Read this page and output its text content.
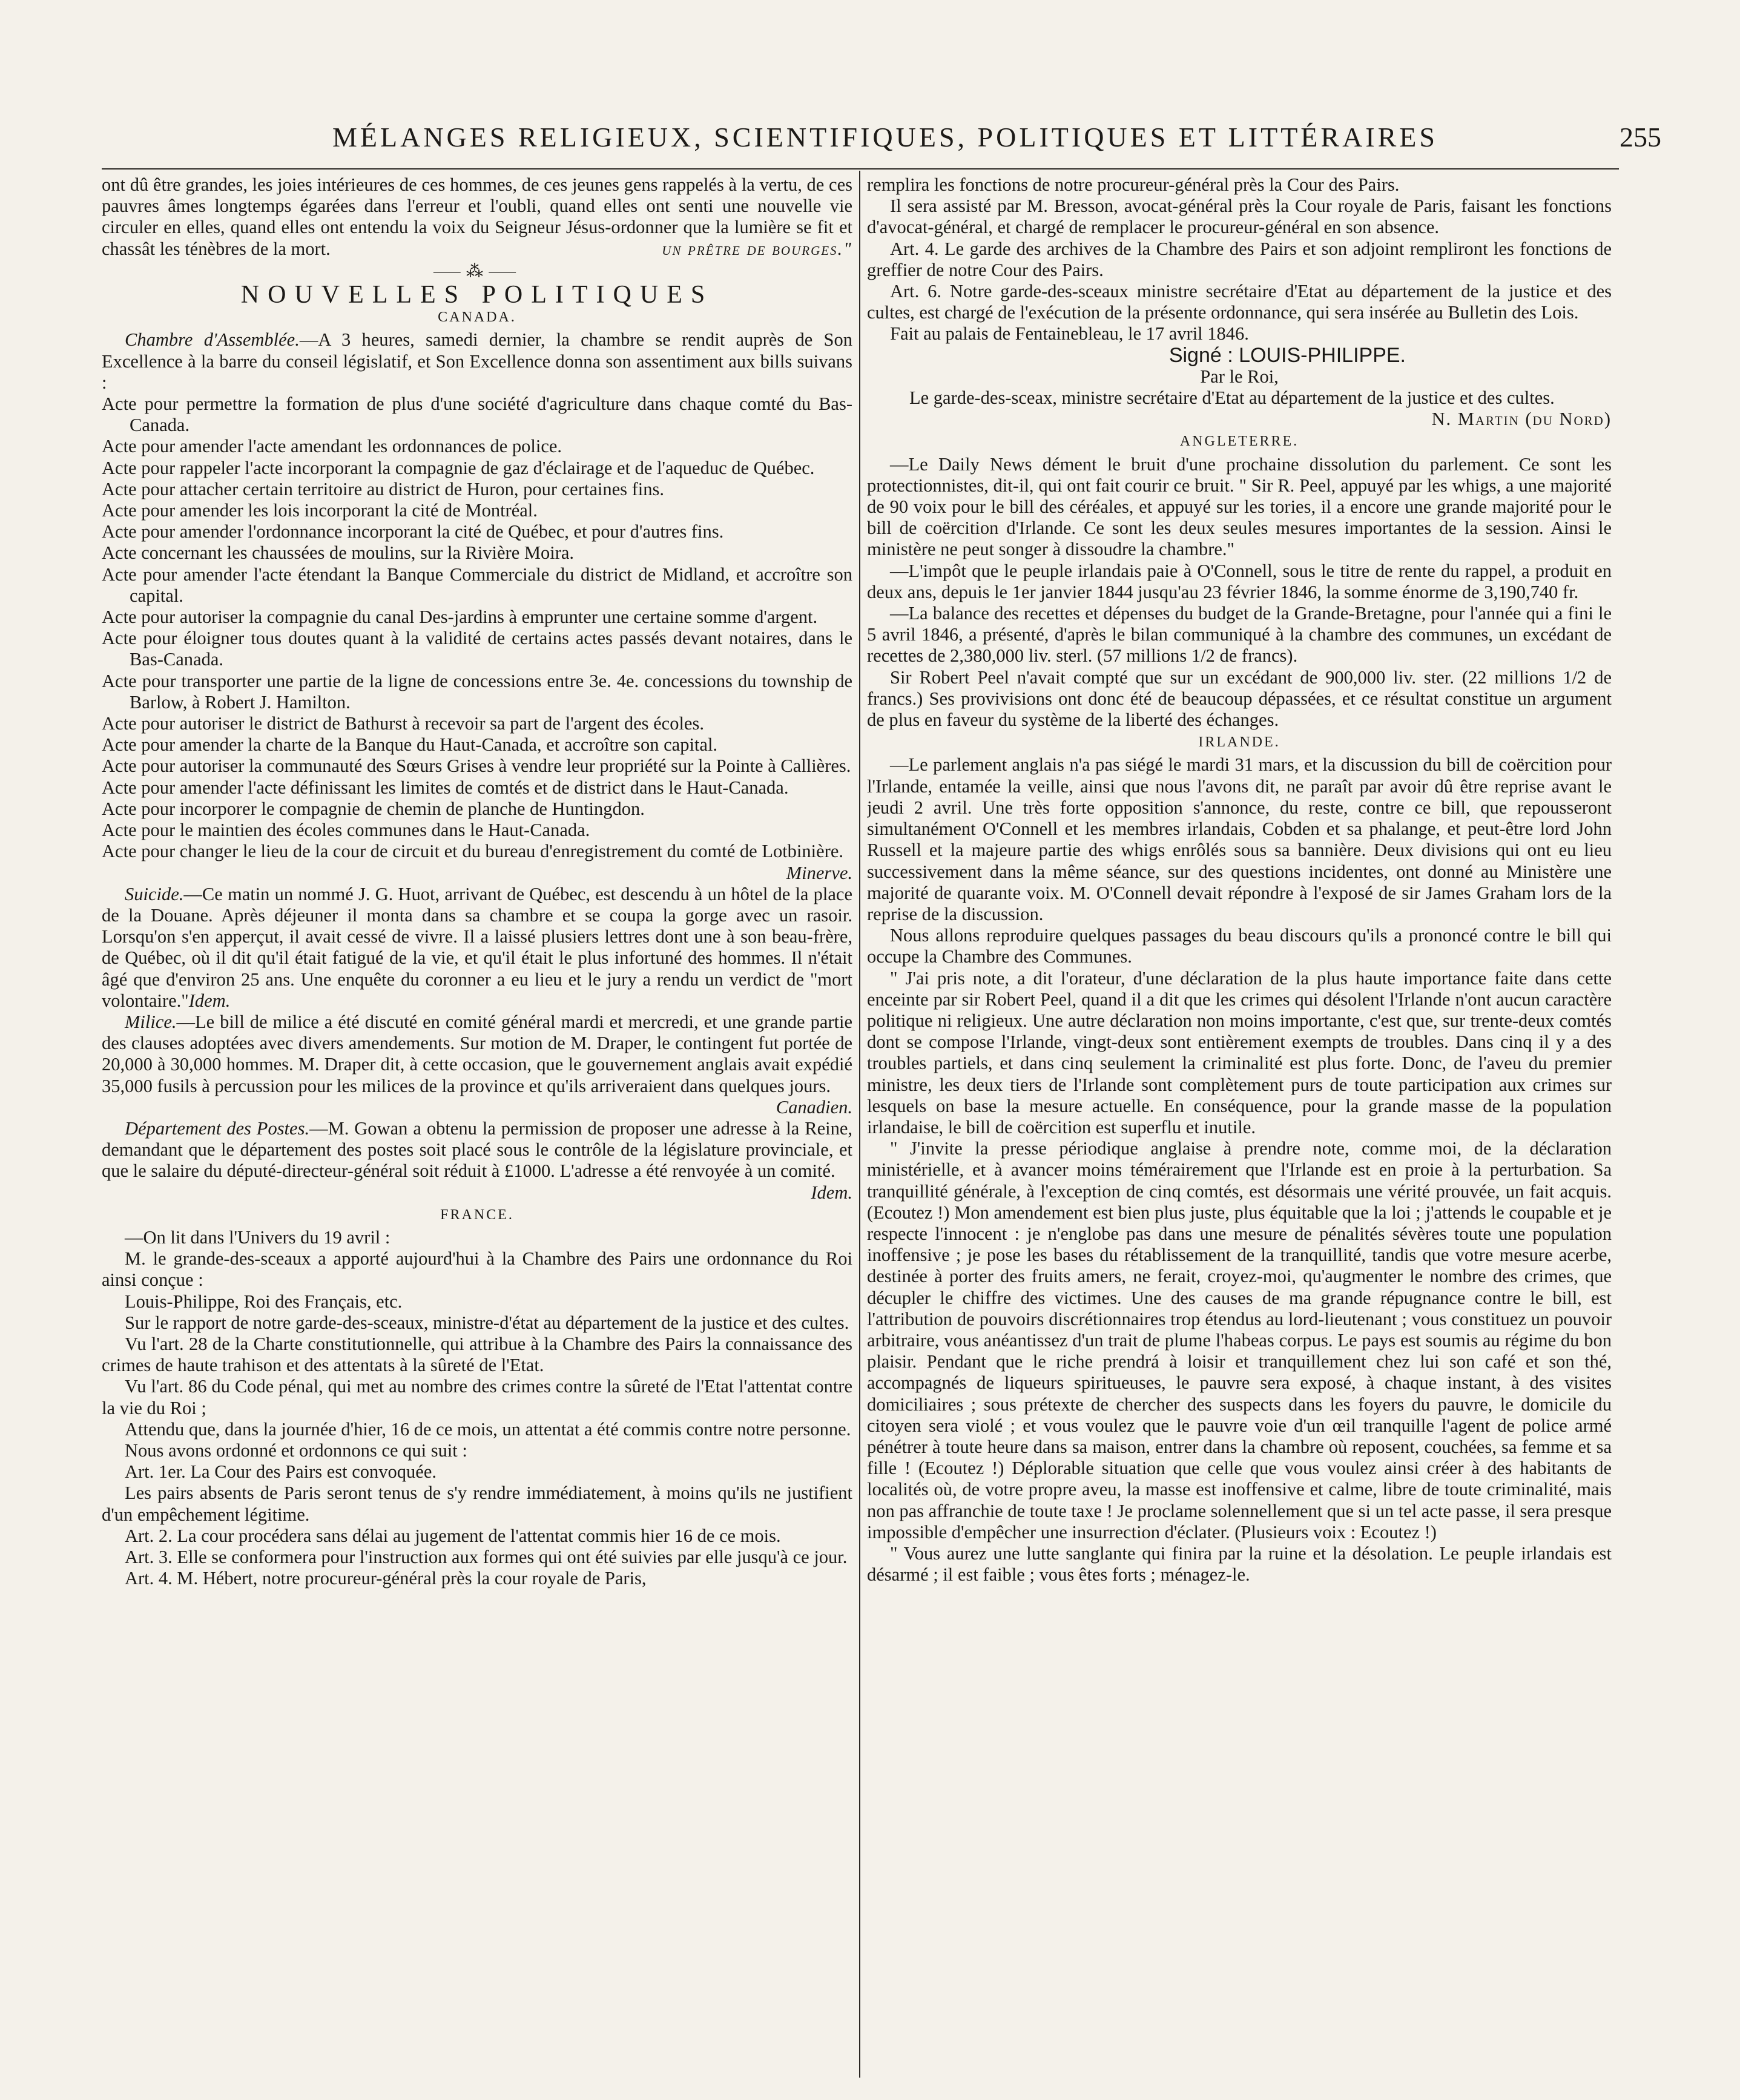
MÉLANGES RELIGIEUX, SCIENTIFIQUES, POLITIQUES ET LITTÉRAIRES	255

ont dû être grandes, les joies intérieures de ces hommes, de ces jeunes gens rappelés à la vertu, de ces pauvres âmes longtemps égarées dans l'erreur et l'oubli, quand elles ont senti une nouvelle vie circuler en elles, quand elles ont entendu la voix du Seigneur Jésus-ordonner que la lumière se fit et chassât les ténèbres de la mort.	un prêtre de bourges."

⸺⁂⸺

NOUVELLES POLITIQUES

CANADA.

Chambre d'Assemblée.—A 3 heures, samedi dernier, la chambre se rendit auprès de Son Excellence à la barre du conseil législatif, et Son Excellence donna son assentiment aux bills suivans :

Acte pour permettre la formation de plus d'une société d'agriculture dans chaque comté du Bas-Canada.

Acte pour amender l'acte amendant les ordonnances de police.

Acte pour rappeler l'acte incorporant la compagnie de gaz d'éclairage et de l'aqueduc de Québec.

Acte pour attacher certain territoire au district de Huron, pour certaines fins.

Acte pour amender les lois incorporant la cité de Montréal.

Acte pour amender l'ordonnance incorporant la cité de Québec, et pour d'autres fins.

Acte concernant les chaussées de moulins, sur la Rivière Moira.

Acte pour amender l'acte étendant la Banque Commerciale du district de Midland, et accroître son capital.

Acte pour autoriser la compagnie du canal Des-jardins à emprunter une certaine somme d'argent.

Acte pour éloigner tous doutes quant à la validité de certains actes passés devant notaires, dans le Bas-Canada.

Acte pour transporter une partie de la ligne de concessions entre 3e. 4e. concessions du township de Barlow, à Robert J. Hamilton.

Acte pour autoriser le district de Bathurst à recevoir sa part de l'argent des écoles.

Acte pour amender la charte de la Banque du Haut-Canada, et accroître son capital.

Acte pour autoriser la communauté des Sœurs Grises à vendre leur propriété sur la Pointe à Callières.

Acte pour amender l'acte définissant les limites de comtés et de district dans le Haut-Canada.

Acte pour incorporer le compagnie de chemin de planche de Huntingdon.

Acte pour le maintien des écoles communes dans le Haut-Canada.

Acte pour changer le lieu de la cour de circuit et du bureau d'enregistrement du comté de Lotbinière.
Minerve.

Suicide.—Ce matin un nommé J. G. Huot, arrivant de Québec, est descendu à un hôtel de la place de la Douane. Après déjeuner il monta dans sa chambre et se coupa la gorge avec un rasoir. Lorsqu'on s'en apperçut, il avait cessé de vivre. Il a laissé plusiers lettres dont une à son beau-frère, de Québec, où il dit qu'il était fatigué de la vie, et qu'il était le plus infortuné des hommes. Il n'était âgé que d'environ 25 ans. Une enquête du coronner a eu lieu et le jury a rendu un verdict de "mort volontaire."Idem.

Milice.—Le bill de milice a été discuté en comité général mardi et mercredi, et une grande partie des clauses adoptées avec divers amendements. Sur motion de M. Draper, le contingent fut portée de 20,000 à 30,000 hommes. M. Draper dit, à cette occasion, que le gouvernement anglais avait expédié 35,000 fusils à percussion pour les milices de la province et qu'ils arriveraient dans quelques jours.
Canadien.

Département des Postes.—M. Gowan a obtenu la permission de proposer une adresse à la Reine, demandant que le département des postes soit placé sous le contrôle de la législature provinciale, et que le salaire du député-directeur-général soit réduit à £1000. L'adresse a été renvoyée à un comité.
Idem.

FRANCE.

—On lit dans l'Univers du 19 avril :

M. le grande-des-sceaux a apporté aujourd'hui à la Chambre des Pairs une ordonnance du Roi ainsi conçue :

Louis-Philippe, Roi des Français, etc.

Sur le rapport de notre garde-des-sceaux, ministre-d'état au département de la justice et des cultes.

Vu l'art. 28 de la Charte constitutionnelle, qui attribue à la Chambre des Pairs la connaissance des crimes de haute trahison et des attentats à la sûreté de l'Etat.

Vu l'art. 86 du Code pénal, qui met au nombre des crimes contre la sûreté de l'Etat l'attentat contre la vie du Roi ;

Attendu que, dans la journée d'hier, 16 de ce mois, un attentat a été commis contre notre personne.

Nous avons ordonné et ordonnons ce qui suit :

Art. 1er. La Cour des Pairs est convoquée.

Les pairs absents de Paris seront tenus de s'y rendre immédiatement, à moins qu'ils ne justifient d'un empêchement légitime.

Art. 2. La cour procédera sans délai au jugement de l'attentat commis hier 16 de ce mois.

Art. 3. Elle se conformera pour l'instruction aux formes qui ont été suivies par elle jusqu'à ce jour.

Art. 4. M. Hébert, notre procureur-général près la cour royale de Paris,

remplira les fonctions de notre procureur-général près la Cour des Pairs.

Il sera assisté par M. Bresson, avocat-général près la Cour royale de Paris, faisant les fonctions d'avocat-général, et chargé de remplacer le procureur-général en son absence.

Art. 4. Le garde des archives de la Chambre des Pairs et son adjoint rempliront les fonctions de greffier de notre Cour des Pairs.

Art. 6. Notre garde-des-sceaux ministre secrétaire d'Etat au département de la justice et des cultes, est chargé de l'exécution de la présente ordonnance, qui sera insérée au Bulletin des Lois.

Fait au palais de Fentainebleau, le 17 avril 1846.

Signé : LOUIS-PHILIPPE.

Par le Roi,

Le garde-des-sceax, ministre secrétaire d'Etat au département de la justice et des cultes.

N. Martin (du Nord)

ANGLETERRE.

—Le Daily News dément le bruit d'une prochaine dissolution du parlement. Ce sont les protectionnistes, dit-il, qui ont fait courir ce bruit. " Sir R. Peel, appuyé par les whigs, a une majorité de 90 voix pour le bill des céréales, et appuyé sur les tories, il a encore une grande majorité pour le bill de coërcition d'Irlande. Ce sont les deux seules mesures importantes de la session. Ainsi le ministère ne peut songer à dissoudre la chambre."

—L'impôt que le peuple irlandais paie à O'Connell, sous le titre de rente du rappel, a produit en deux ans, depuis le 1er janvier 1844 jusqu'au 23 février 1846, la somme énorme de 3,190,740 fr.

—La balance des recettes et dépenses du budget de la Grande-Bretagne, pour l'année qui a fini le 5 avril 1846, a présenté, d'après le bilan communiqué à la chambre des communes, un excédant de recettes de 2,380,000 liv. sterl. (57 millions 1/2 de francs).

Sir Robert Peel n'avait compté que sur un excédant de 900,000 liv. ster. (22 millions 1/2 de francs.) Ses provivisions ont donc été de beaucoup dépassées, et ce résultat constitue un argument de plus en faveur du système de la liberté des échanges.

IRLANDE.

—Le parlement anglais n'a pas siégé le mardi 31 mars, et la discussion du bill de coërcition pour l'Irlande, entamée la veille, ainsi que nous l'avons dit, ne paraît par avoir dû être reprise avant le jeudi 2 avril. Une très forte opposition s'annonce, du reste, contre ce bill, que repousseront simultanément O'Connell et les membres irlandais, Cobden et sa phalange, et peut-être lord John Russell et la majeure partie des whigs enrôlés sous sa bannière. Deux divisions qui ont eu lieu successivement dans la même séance, sur des questions incidentes, ont donné au Ministère une majorité de quarante voix. M. O'Connell devait répondre à l'exposé de sir James Graham lors de la reprise de la discussion.

Nous allons reproduire quelques passages du beau discours qu'ils a prononcé contre le bill qui occupe la Chambre des Communes.

" J'ai pris note, a dit l'orateur, d'une déclaration de la plus haute importance faite dans cette enceinte par sir Robert Peel, quand il a dit que les crimes qui désolent l'Irlande n'ont aucun caractère politique ni religieux. Une autre déclaration non moins importante, c'est que, sur trente-deux comtés dont se compose l'Irlande, vingt-deux sont entièrement exempts de troubles. Dans cinq il y a des troubles partiels, et dans cinq seulement la criminalité est plus forte. Donc, de l'aveu du premier ministre, les deux tiers de l'Irlande sont complètement purs de toute participation aux crimes sur lesquels on base la mesure actuelle. En conséquence, pour la grande masse de la population irlandaise, le bill de coërcition est superflu et inutile.

" J'invite la presse périodique anglaise à prendre note, comme moi, de la déclaration ministérielle, et à avancer moins témérairement que l'Irlande est en proie à la perturbation. Sa tranquillité générale, à l'exception de cinq comtés, est désormais une vérité prouvée, un fait acquis. (Ecoutez !) Mon amendement est bien plus juste, plus équitable que la loi ; j'attends le coupable et je respecte l'innocent : je n'englobe pas dans une mesure de pénalités sévères toute une population inoffensive ; je pose les bases du rétablissement de la tranquillité, tandis que votre mesure acerbe, destinée à porter des fruits amers, ne ferait, croyez-moi, qu'augmenter le nombre des crimes, que décupler le chiffre des victimes. Une des causes de ma grande répugnance contre le bill, est l'attribution de pouvoirs discrétionnaires trop étendus au lord-lieutenant ; vous constituez un pouvoir arbitraire, vous anéantissez d'un trait de plume l'habeas corpus. Le pays est soumis au régime du bon plaisir. Pendant que le riche prendrá à loisir et tranquillement chez lui son café et son thé, accompagnés de liqueurs spiritueuses, le pauvre sera exposé, à chaque instant, à des visites domiciliaires ; sous prétexte de chercher des suspects dans les foyers du pauvre, le domicile du citoyen sera violé ; et vous voulez que le pauvre voie d'un œil tranquille l'agent de police armé pénétrer à toute heure dans sa maison, entrer dans la chambre où reposent, couchées, sa femme et sa fille ! (Ecoutez !) Déplorable situation que celle que vous voulez ainsi créer à des habitants de localités où, de votre propre aveu, la masse est inoffensive et calme, libre de toute criminalité, mais non pas affranchie de toute taxe ! Je proclame solennellement que si un tel acte passe, il sera presque impossible d'empêcher une insurrection d'éclater. (Plusieurs voix : Ecoutez !)

" Vous aurez une lutte sanglante qui finira par la ruine et la désolation. Le peuple irlandais est désarmé ; il est faible ; vous êtes forts ; ménagez-le.
